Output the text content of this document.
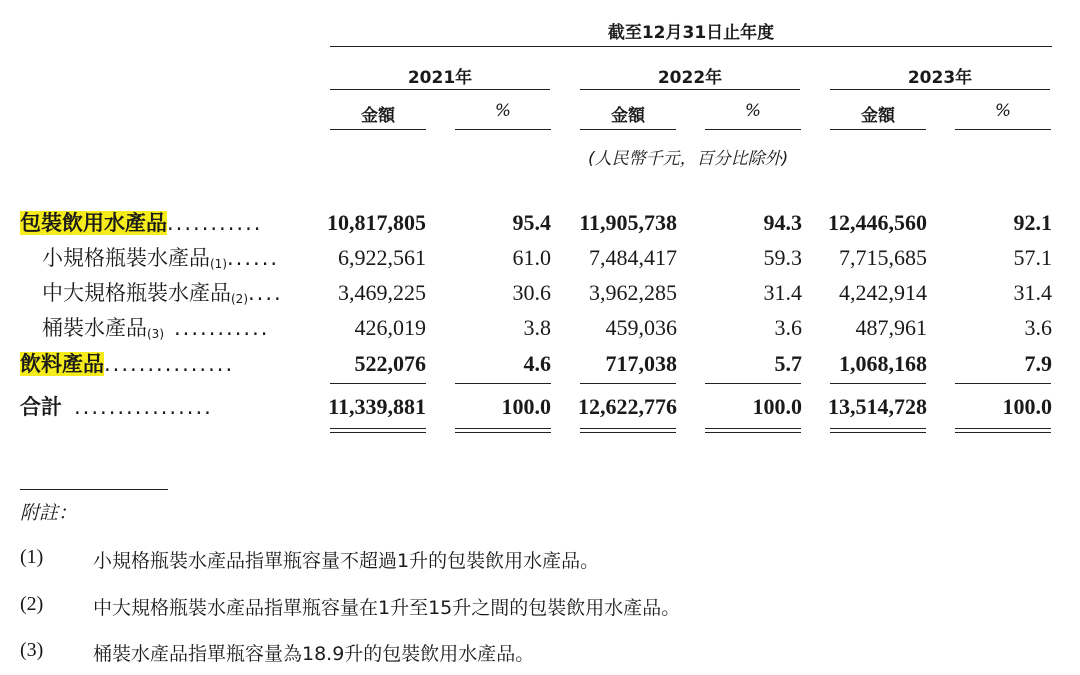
截至12月31日止年度
2021年	2022年	2023年
金額	%	金額	%	金額	%
(人民幣千元，百分比除外)
包裝飲用水產品...........	10,817,805	95.4	11,905,738	94.3	12,446,560	92.1
小規格瓶裝水產品$^{(1)}$......	6,922,561	61.0	7,484,417	59.3	7,715,685	57.1
中大規格瓶裝水產品$^{(2)}$....	3,469,225	30.6	3,962,285	31.4	4,242,914	31.4
桶裝水產品$^{(3)}$ ...........	426,019	3.8	459,036	3.6	487,961	3.6
飲料產品...............	522,076	4.6	717,038	5.7	1,068,168	7.9
合計 ................	11,339,881	100.0	12,622,776	100.0	13,514,728	100.0
附註：
(1)	小規格瓶裝水產品指單瓶容量不超過1升的包裝飲用水產品。
(2)	中大規格瓶裝水產品指單瓶容量在1升至15升之間的包裝飲用水產品。
(3)	桶裝水產品指單瓶容量為18.9升的包裝飲用水產品。
